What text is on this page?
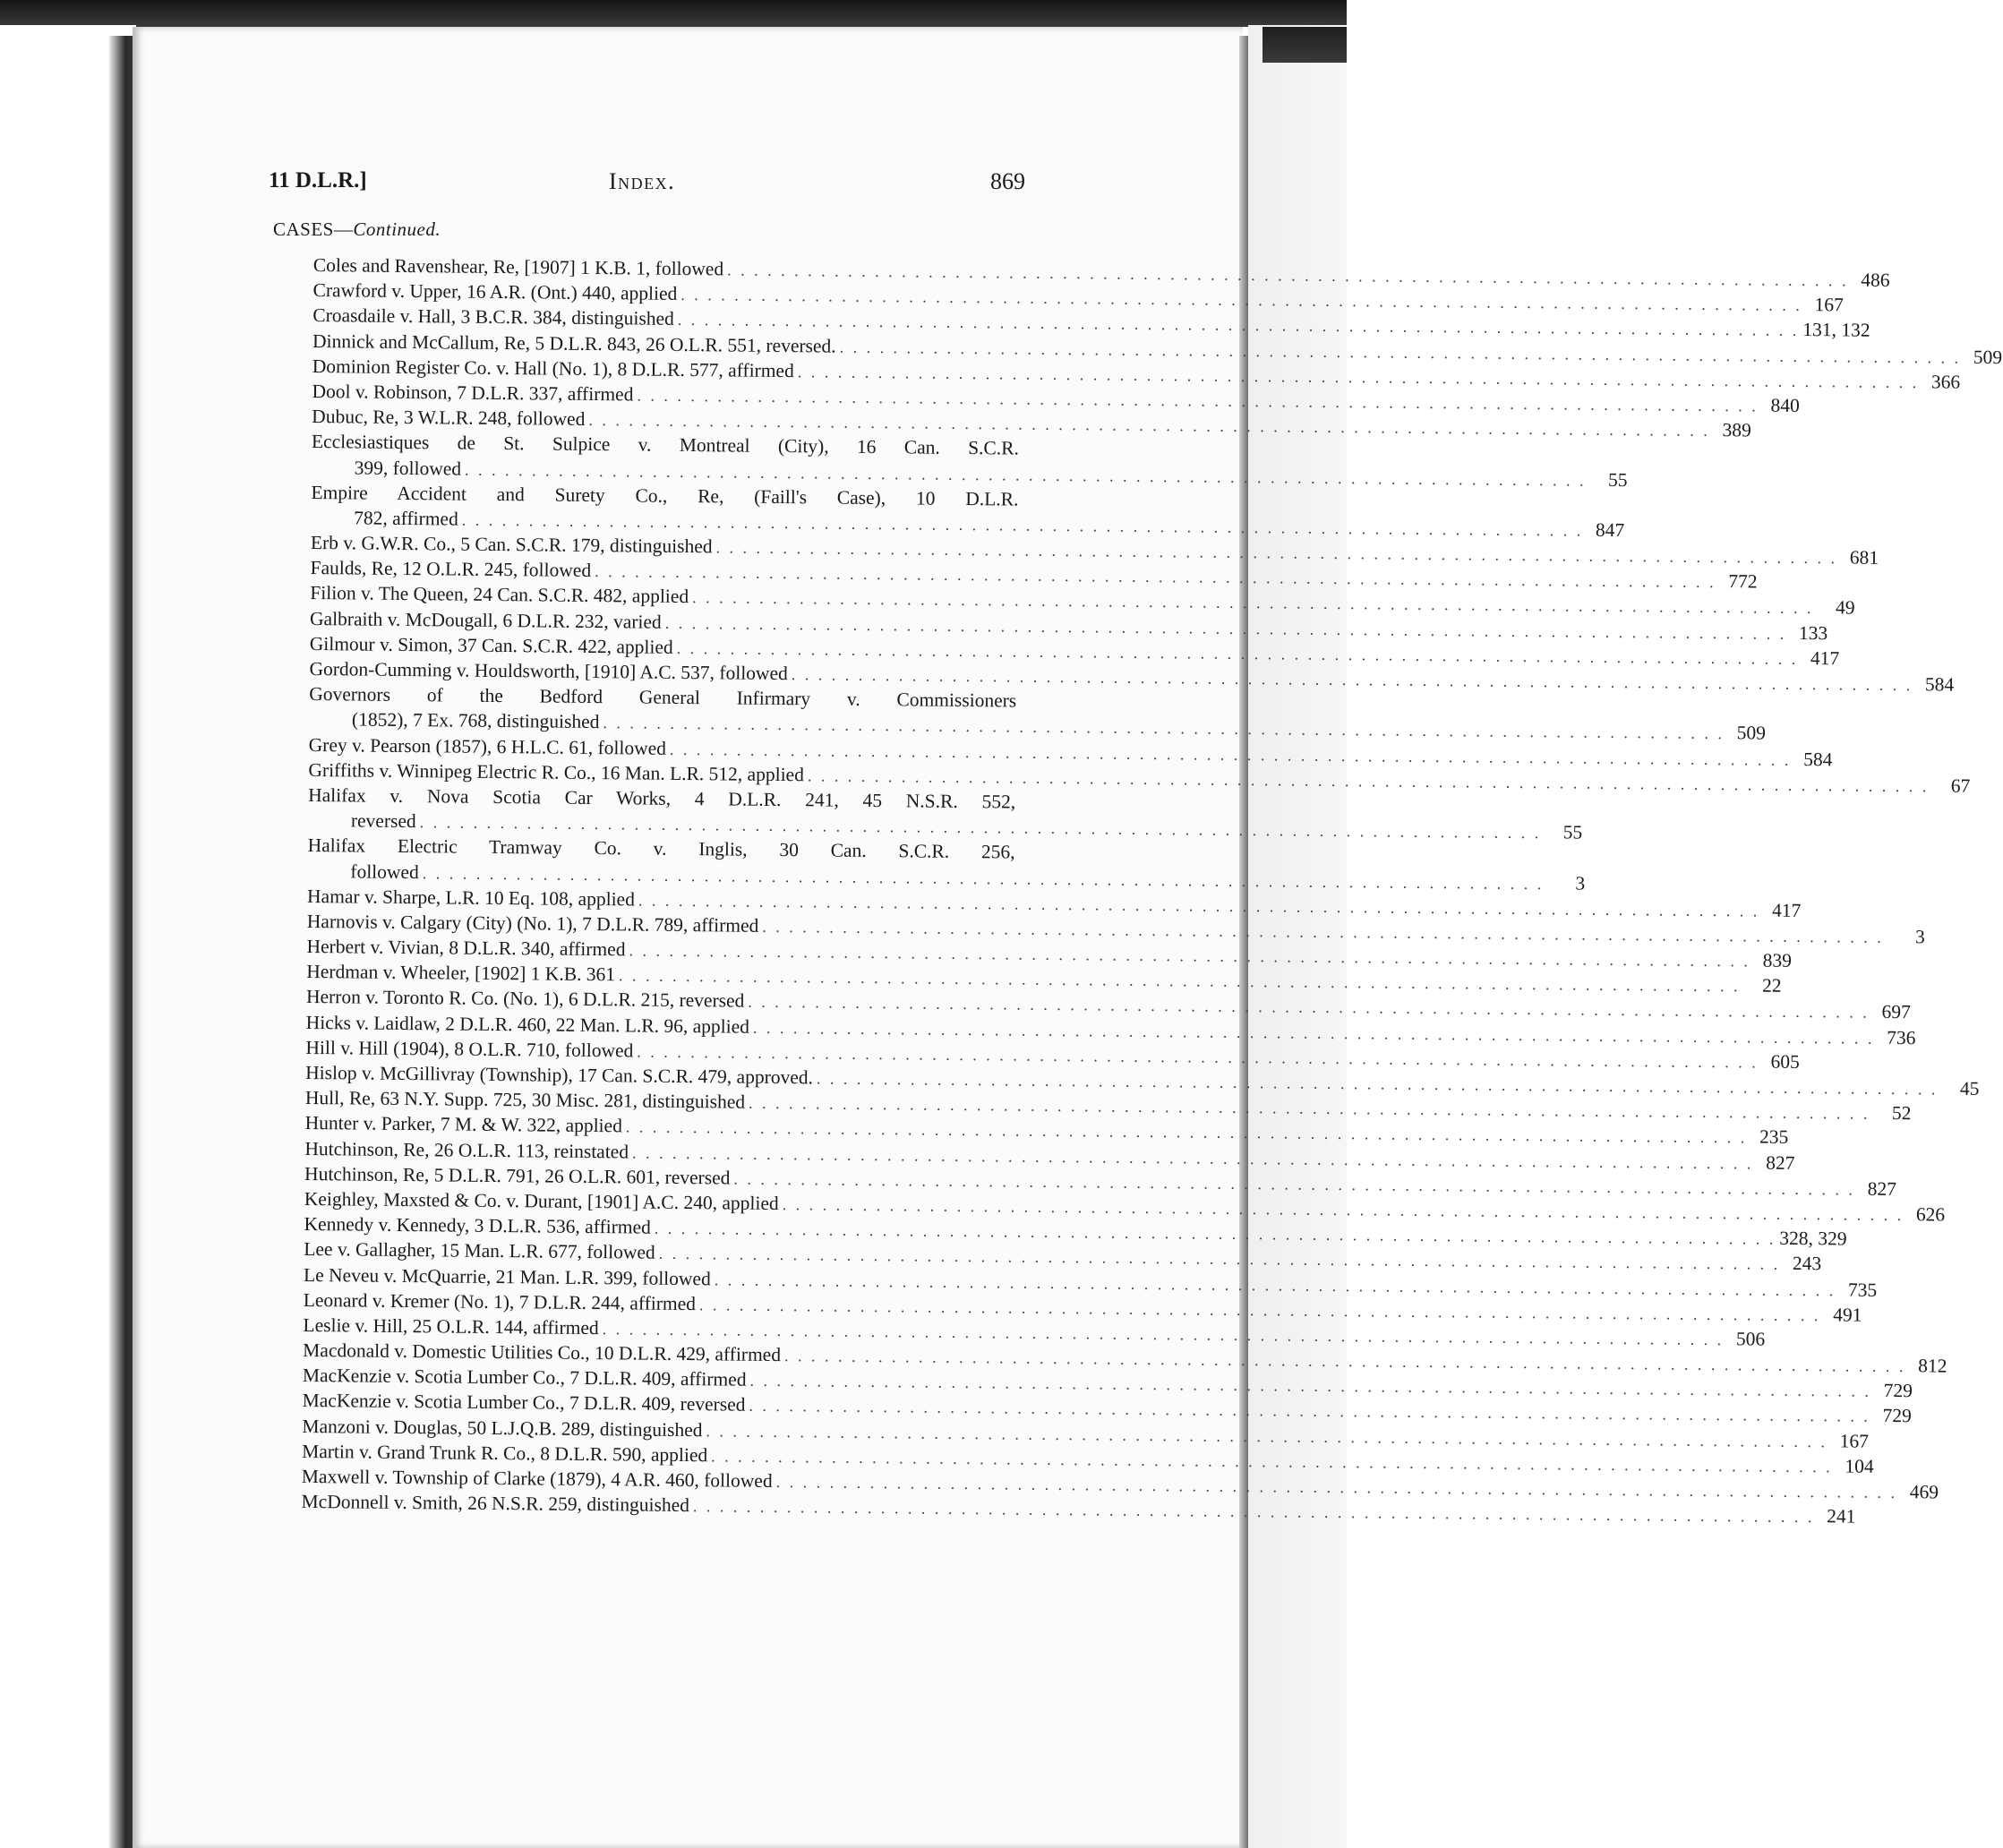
11 D.L.R.]	Index.	869
CASES—Continued.
Coles and Ravenshear, Re, [1907] 1 K.B. 1, followed . . . . . . . . . . . . . . . . . . . . . . . . . . . . . . . . . . . . . . . . . . . . . . . . . . . . . . . . . . . . . . . . . . . . . . . . . . . . . . . . . . . . 486
Crawford v. Upper, 16 A.R. (Ont.) 440, applied . . . . . . . . . . . . . . . . . . . . . . . . . . . . . . . . . . . . . . . . . . . . . . . . . . . . . . . . . . . . . . . . . . . . . . . . . . . . . . . . . . . . 167
Croasdaile v. Hall, 3 B.C.R. 384, distinguished . . . . . . . . . . . . . . . . . . . . . . . . . . . . . . . . . . . . . . . . . . . . . . . . . . . . . . . . . . . . . . . . . . . . . . . . . . . . . . . . . . . . 131, 132
Dinnick and McCallum, Re, 5 D.L.R. 843, 26 O.L.R. 551, reversed. . . . . . . . . . . . . . . . . . . . . . . . . . . . . . . . . . . . . . . . . . . . . . . . . . . . . . . . . . . . . . . . . . . . . . . . . . . . . . . . . . . . . 509
Dominion Register Co. v. Hall (No. 1), 8 D.L.R. 577, affirmed . . . . . . . . . . . . . . . . . . . . . . . . . . . . . . . . . . . . . . . . . . . . . . . . . . . . . . . . . . . . . . . . . . . . . . . . . . . . . . . . . . . . 366
Dool v. Robinson, 7 D.L.R. 337, affirmed . . . . . . . . . . . . . . . . . . . . . . . . . . . . . . . . . . . . . . . . . . . . . . . . . . . . . . . . . . . . . . . . . . . . . . . . . . . . . . . . . . . . 840
Dubuc, Re, 3 W.L.R. 248, followed . . . . . . . . . . . . . . . . . . . . . . . . . . . . . . . . . . . . . . . . . . . . . . . . . . . . . . . . . . . . . . . . . . . . . . . . . . . . . . . . . . . . 389
Ecclesiastiques de St. Sulpice v. Montreal (City), 16 Can. S.C.R.
399, followed . . . . . . . . . . . . . . . . . . . . . . . . . . . . . . . . . . . . . . . . . . . . . . . . . . . . . . . . . . . . . . . . . . . . . . . . . . . . . . . . . . . .	55
Empire Accident and Surety Co., Re, (Faill's Case), 10 D.L.R.
782, affirmed . . . . . . . . . . . . . . . . . . . . . . . . . . . . . . . . . . . . . . . . . . . . . . . . . . . . . . . . . . . . . . . . . . . . . . . . . . . . . . . . . . . . 847
Erb v. G.W.R. Co., 5 Can. S.C.R. 179, distinguished . . . . . . . . . . . . . . . . . . . . . . . . . . . . . . . . . . . . . . . . . . . . . . . . . . . . . . . . . . . . . . . . . . . . . . . . . . . . . . . . . . . . 681
Faulds, Re, 12 O.L.R. 245, followed . . . . . . . . . . . . . . . . . . . . . . . . . . . . . . . . . . . . . . . . . . . . . . . . . . . . . . . . . . . . . . . . . . . . . . . . . . . . . . . . . . . . 772
Filion v. The Queen, 24 Can. S.C.R. 482, applied . . . . . . . . . . . . . . . . . . . . . . . . . . . . . . . . . . . . . . . . . . . . . . . . . . . . . . . . . . . . . . . . . . . . . . . . . . . . . . . . . . . .	49
Galbraith v. McDougall, 6 D.L.R. 232, varied . . . . . . . . . . . . . . . . . . . . . . . . . . . . . . . . . . . . . . . . . . . . . . . . . . . . . . . . . . . . . . . . . . . . . . . . . . . . . . . . . . . . 133
Gilmour v. Simon, 37 Can. S.C.R. 422, applied . . . . . . . . . . . . . . . . . . . . . . . . . . . . . . . . . . . . . . . . . . . . . . . . . . . . . . . . . . . . . . . . . . . . . . . . . . . . . . . . . . . . 417
Gordon-Cumming v. Houldsworth, [1910] A.C. 537, followed . . . . . . . . . . . . . . . . . . . . . . . . . . . . . . . . . . . . . . . . . . . . . . . . . . . . . . . . . . . . . . . . . . . . . . . . . . . . . . . . . . . . 584
Governors of the Bedford General Infirmary v. Commissioners
(1852), 7 Ex. 768, distinguished . . . . . . . . . . . . . . . . . . . . . . . . . . . . . . . . . . . . . . . . . . . . . . . . . . . . . . . . . . . . . . . . . . . . . . . . . . . . . . . . . . . . 509
Grey v. Pearson (1857), 6 H.L.C. 61, followed . . . . . . . . . . . . . . . . . . . . . . . . . . . . . . . . . . . . . . . . . . . . . . . . . . . . . . . . . . . . . . . . . . . . . . . . . . . . . . . . . . . . 584
Griffiths v. Winnipeg Electric R. Co., 16 Man. L.R. 512, applied . . . . . . . . . . . . . . . . . . . . . . . . . . . . . . . . . . . . . . . . . . . . . . . . . . . . . . . . . . . . . . . . . . . . . . . . . . . . . . . . . . . .	67
Halifax v. Nova Scotia Car Works, 4 D.L.R. 241, 45 N.S.R. 552,
reversed . . . . . . . . . . . . . . . . . . . . . . . . . . . . . . . . . . . . . . . . . . . . . . . . . . . . . . . . . . . . . . . . . . . . . . . . . . . . . . . . . . . .	55
Halifax Electric Tramway Co. v. Inglis, 30 Can. S.C.R. 256,
followed . . . . . . . . . . . . . . . . . . . . . . . . . . . . . . . . . . . . . . . . . . . . . . . . . . . . . . . . . . . . . . . . . . . . . . . . . . . . . . . . . . . .	3
Hamar v. Sharpe, L.R. 10 Eq. 108, applied . . . . . . . . . . . . . . . . . . . . . . . . . . . . . . . . . . . . . . . . . . . . . . . . . . . . . . . . . . . . . . . . . . . . . . . . . . . . . . . . . . . . 417
Harnovis v. Calgary (City) (No. 1), 7 D.L.R. 789, affirmed . . . . . . . . . . . . . . . . . . . . . . . . . . . . . . . . . . . . . . . . . . . . . . . . . . . . . . . . . . . . . . . . . . . . . . . . . . . . . . . . . . . .	3
Herbert v. Vivian, 8 D.L.R. 340, affirmed . . . . . . . . . . . . . . . . . . . . . . . . . . . . . . . . . . . . . . . . . . . . . . . . . . . . . . . . . . . . . . . . . . . . . . . . . . . . . . . . . . . . 839
Herdman v. Wheeler, [1902] 1 K.B. 361 . . . . . . . . . . . . . . . . . . . . . . . . . . . . . . . . . . . . . . . . . . . . . . . . . . . . . . . . . . . . . . . . . . . . . . . . . . . . . . . . . . . .	22
Herron v. Toronto R. Co. (No. 1), 6 D.L.R. 215, reversed . . . . . . . . . . . . . . . . . . . . . . . . . . . . . . . . . . . . . . . . . . . . . . . . . . . . . . . . . . . . . . . . . . . . . . . . . . . . . . . . . . . . 697
Hicks v. Laidlaw, 2 D.L.R. 460, 22 Man. L.R. 96, applied . . . . . . . . . . . . . . . . . . . . . . . . . . . . . . . . . . . . . . . . . . . . . . . . . . . . . . . . . . . . . . . . . . . . . . . . . . . . . . . . . . . . 736
Hill v. Hill (1904), 8 O.L.R. 710, followed . . . . . . . . . . . . . . . . . . . . . . . . . . . . . . . . . . . . . . . . . . . . . . . . . . . . . . . . . . . . . . . . . . . . . . . . . . . . . . . . . . . . 605
Hislop v. McGillivray (Township), 17 Can. S.C.R. 479, approved. . . . . . . . . . . . . . . . . . . . . . . . . . . . . . . . . . . . . . . . . . . . . . . . . . . . . . . . . . . . . . . . . . . . . . . . . . . . . . . . . . . . .	45
Hull, Re, 63 N.Y. Supp. 725, 30 Misc. 281, distinguished . . . . . . . . . . . . . . . . . . . . . . . . . . . . . . . . . . . . . . . . . . . . . . . . . . . . . . . . . . . . . . . . . . . . . . . . . . . . . . . . . . . .	52
Hunter v. Parker, 7 M. & W. 322, applied . . . . . . . . . . . . . . . . . . . . . . . . . . . . . . . . . . . . . . . . . . . . . . . . . . . . . . . . . . . . . . . . . . . . . . . . . . . . . . . . . . . . 235
Hutchinson, Re, 26 O.L.R. 113, reinstated . . . . . . . . . . . . . . . . . . . . . . . . . . . . . . . . . . . . . . . . . . . . . . . . . . . . . . . . . . . . . . . . . . . . . . . . . . . . . . . . . . . . 827
Hutchinson, Re, 5 D.L.R. 791, 26 O.L.R. 601, reversed . . . . . . . . . . . . . . . . . . . . . . . . . . . . . . . . . . . . . . . . . . . . . . . . . . . . . . . . . . . . . . . . . . . . . . . . . . . . . . . . . . . . 827
Keighley, Maxsted & Co. v. Durant, [1901] A.C. 240, applied . . . . . . . . . . . . . . . . . . . . . . . . . . . . . . . . . . . . . . . . . . . . . . . . . . . . . . . . . . . . . . . . . . . . . . . . . . . . . . . . . . . . 626
Kennedy v. Kennedy, 3 D.L.R. 536, affirmed . . . . . . . . . . . . . . . . . . . . . . . . . . . . . . . . . . . . . . . . . . . . . . . . . . . . . . . . . . . . . . . . . . . . . . . . . . . . . . . . . . . . 328, 329
Lee v. Gallagher, 15 Man. L.R. 677, followed . . . . . . . . . . . . . . . . . . . . . . . . . . . . . . . . . . . . . . . . . . . . . . . . . . . . . . . . . . . . . . . . . . . . . . . . . . . . . . . . . . . . 243
Le Neveu v. McQuarrie, 21 Man. L.R. 399, followed . . . . . . . . . . . . . . . . . . . . . . . . . . . . . . . . . . . . . . . . . . . . . . . . . . . . . . . . . . . . . . . . . . . . . . . . . . . . . . . . . . . . 735
Leonard v. Kremer (No. 1), 7 D.L.R. 244, affirmed . . . . . . . . . . . . . . . . . . . . . . . . . . . . . . . . . . . . . . . . . . . . . . . . . . . . . . . . . . . . . . . . . . . . . . . . . . . . . . . . . . . . 491
Leslie v. Hill, 25 O.L.R. 144, affirmed . . . . . . . . . . . . . . . . . . . . . . . . . . . . . . . . . . . . . . . . . . . . . . . . . . . . . . . . . . . . . . . . . . . . . . . . . . . . . . . . . . . . 506
Macdonald v. Domestic Utilities Co., 10 D.L.R. 429, affirmed . . . . . . . . . . . . . . . . . . . . . . . . . . . . . . . . . . . . . . . . . . . . . . . . . . . . . . . . . . . . . . . . . . . . . . . . . . . . . . . . . . . . 812
MacKenzie v. Scotia Lumber Co., 7 D.L.R. 409, affirmed . . . . . . . . . . . . . . . . . . . . . . . . . . . . . . . . . . . . . . . . . . . . . . . . . . . . . . . . . . . . . . . . . . . . . . . . . . . . . . . . . . . . 729
MacKenzie v. Scotia Lumber Co., 7 D.L.R. 409, reversed . . . . . . . . . . . . . . . . . . . . . . . . . . . . . . . . . . . . . . . . . . . . . . . . . . . . . . . . . . . . . . . . . . . . . . . . . . . . . . . . . . . . 729
Manzoni v. Douglas, 50 L.J.Q.B. 289, distinguished . . . . . . . . . . . . . . . . . . . . . . . . . . . . . . . . . . . . . . . . . . . . . . . . . . . . . . . . . . . . . . . . . . . . . . . . . . . . . . . . . . . . 167
Martin v. Grand Trunk R. Co., 8 D.L.R. 590, applied . . . . . . . . . . . . . . . . . . . . . . . . . . . . . . . . . . . . . . . . . . . . . . . . . . . . . . . . . . . . . . . . . . . . . . . . . . . . . . . . . . . . 104
Maxwell v. Township of Clarke (1879), 4 A.R. 460, followed . . . . . . . . . . . . . . . . . . . . . . . . . . . . . . . . . . . . . . . . . . . . . . . . . . . . . . . . . . . . . . . . . . . . . . . . . . . . . . . . . . . . 469
McDonnell v. Smith, 26 N.S.R. 259, distinguished . . . . . . . . . . . . . . . . . . . . . . . . . . . . . . . . . . . . . . . . . . . . . . . . . . . . . . . . . . . . . . . . . . . . . . . . . . . . . . . . . . . . 241
